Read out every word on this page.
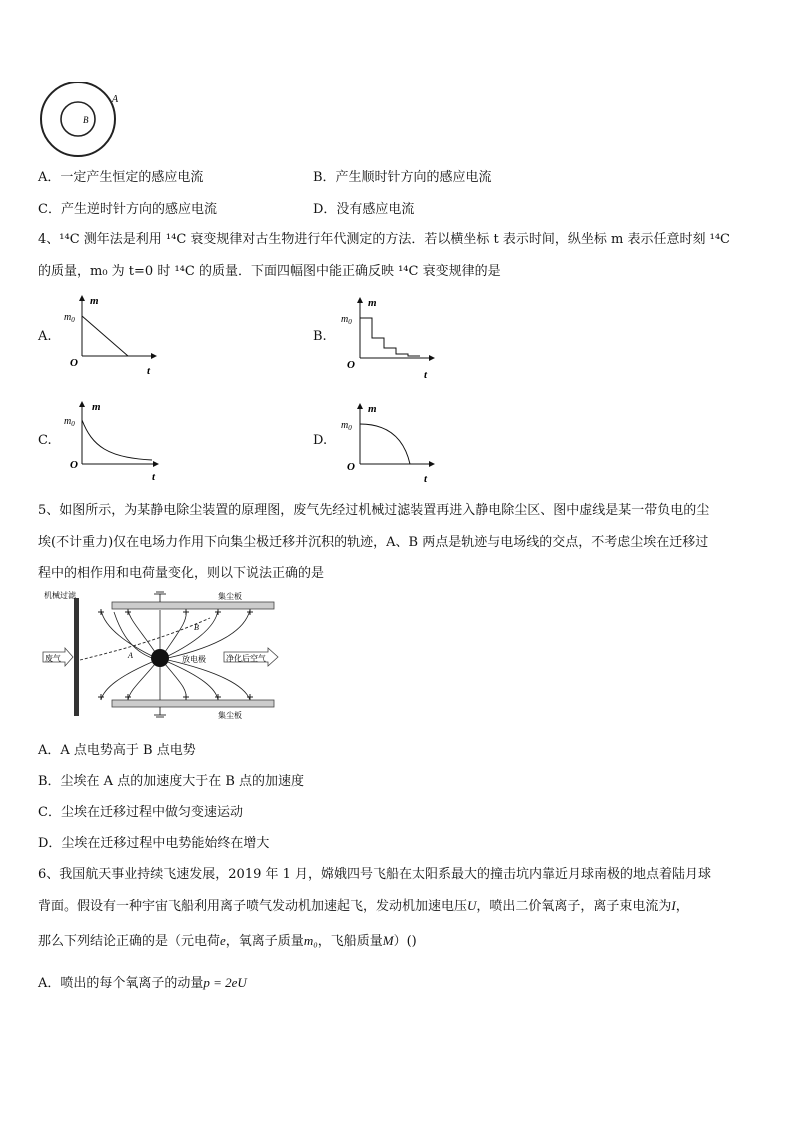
A
B
A．一定产生恒定的感应电流	B．产生顺时针方向的感应电流
C．产生逆时针方向的感应电流	D．没有感应电流
4、¹⁴C 测年法是利用 ¹⁴C 衰变规律对古生物进行年代测定的方法．若以横坐标 t 表示时间，纵坐标 m 表示任意时刻 ¹⁴C
的质量，m₀ 为 t=0 时 ¹⁴C 的质量．下面四幅图中能正确反映 ¹⁴C 衰变规律的是
A.	B.
C.	D.
m
$m_0$
O
t
m
$m_0$
O
t
m
$m_0$
O
t
m
$m_0$
O
t
5、如图所示，为某静电除尘装置的原理图，废气先经过机械过滤装置再进入静电除尘区、图中虚线是某一带负电的尘
埃(不计重力)仅在电场力作用下向集尘极迁移并沉积的轨迹，A、B 两点是轨迹与电场线的交点，不考虑尘埃在迁移过
程中的相作用和电荷量变化，则以下说法正确的是
机械过滤	集尘板
集尘板
A
B
放电极
废气	净化后空气
A．A 点电势高于 B 点电势
B．尘埃在 A 点的加速度大于在 B 点的加速度
C．尘埃在迁移过程中做匀变速运动
D．尘埃在迁移过程中电势能始终在增大
6、我国航天事业持续飞速发展，2019 年 1 月，嫦娥四号飞船在太阳系最大的撞击坑内靠近月球南极的地点着陆月球
背面。假设有一种宇宙飞船利用离子喷气发动机加速起飞，发动机加速电压U，喷出二价氧离子，离子束电流为I，
那么下列结论正确的是（元电荷e，氧离子质量m₀，飞船质量M）()
A．喷出的每个氧离子的动量p = 2eU
